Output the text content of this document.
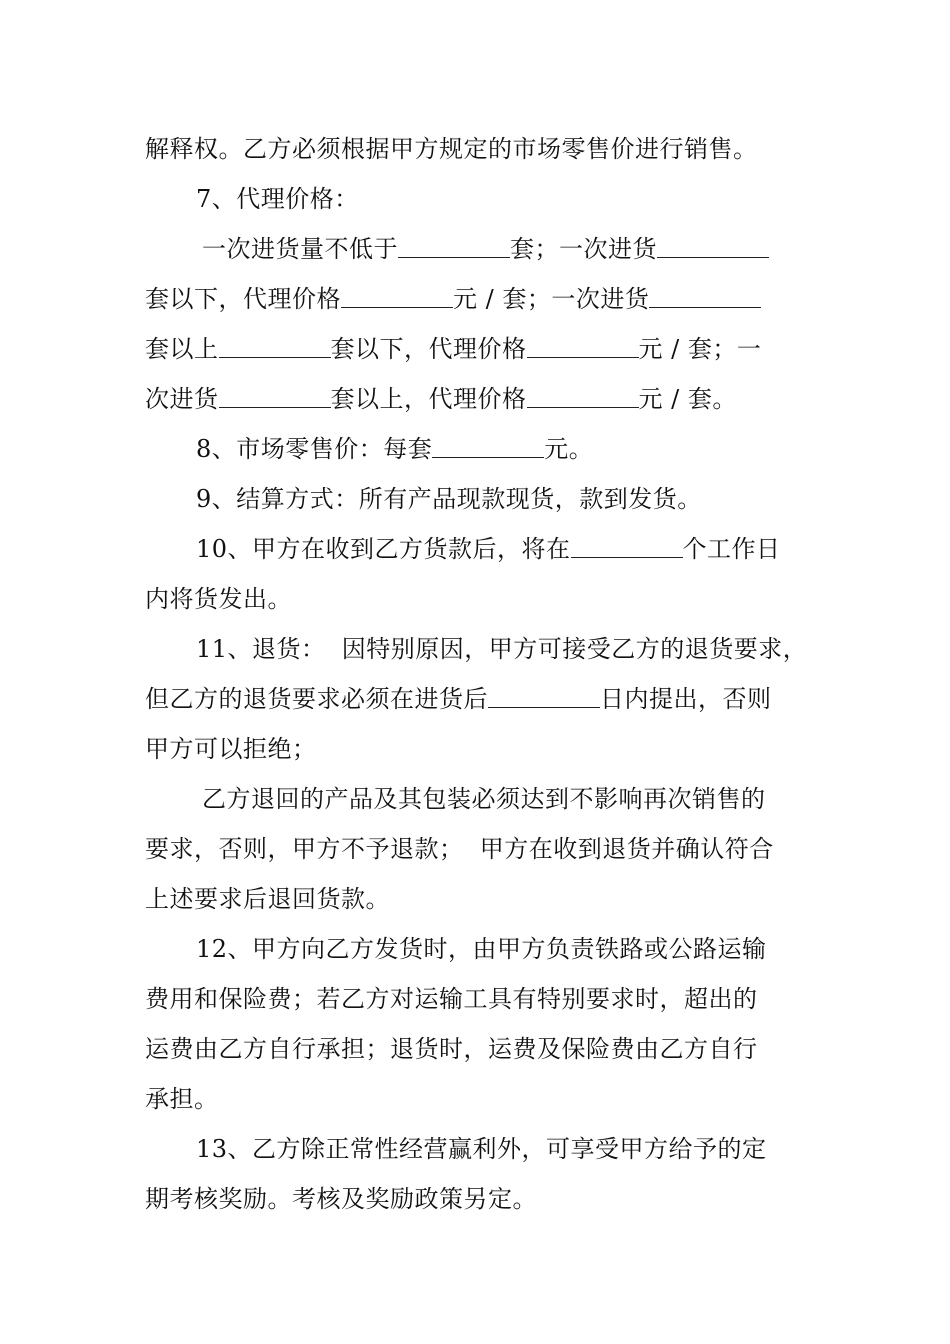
解释权。乙方必须根据甲方规定的市场零售价进行销售。
7、代理价格：
一次进货量不低于	套；一次进货
套以下，代理价格	元 / 套；一次进货
套以上	套以下，代理价格	元 / 套；一
次进货	套以上，代理价格	元 / 套。
8、市场零售价：每套	元。
9、结算方式：所有产品现款现货，款到发货。
10、甲方在收到乙方货款后，将在	个工作日
内将货发出。
11、退货：  因特别原因，甲方可接受乙方的退货要求，
但乙方的退货要求必须在进货后	日内提出，否则
甲方可以拒绝；
乙方退回的产品及其包装必须达到不影响再次销售的
要求，否则，甲方不予退款；  甲方在收到退货并确认符合
上述要求后退回货款。
12、甲方向乙方发货时，由甲方负责铁路或公路运输
费用和保险费；若乙方对运输工具有特别要求时，超出的
运费由乙方自行承担；退货时，运费及保险费由乙方自行
承担。
13、乙方除正常性经营赢利外，可享受甲方给予的定
期考核奖励。考核及奖励政策另定。
